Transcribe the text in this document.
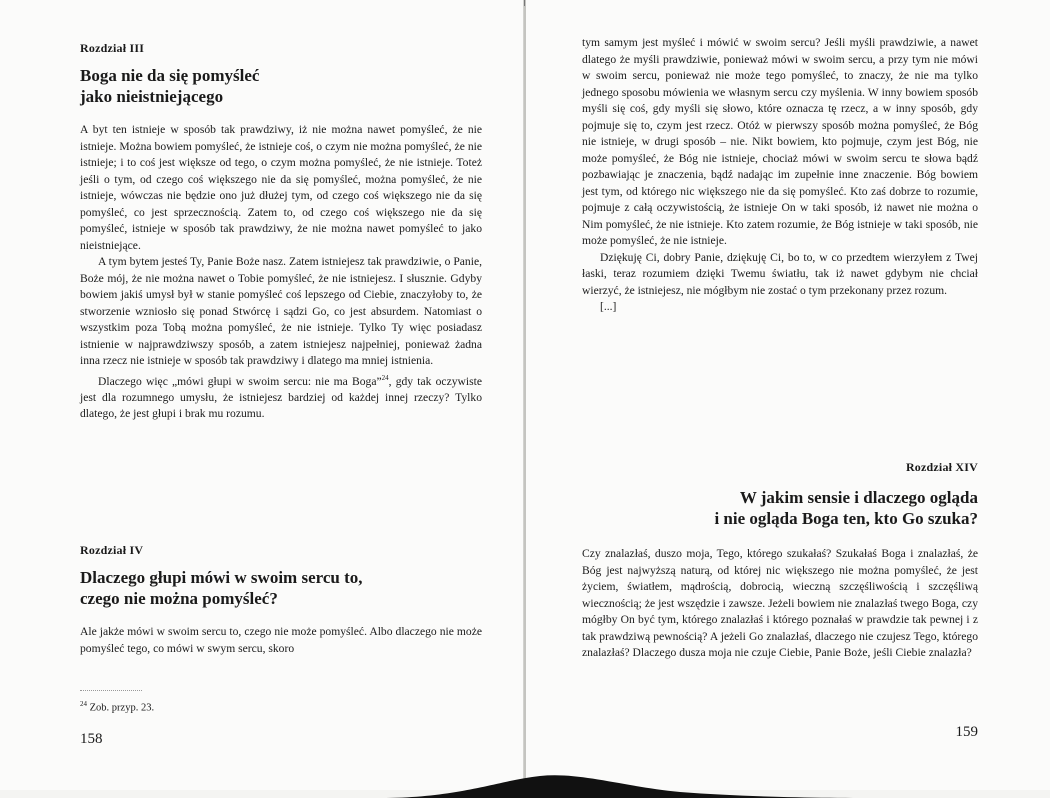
Rozdział III
Boga nie da się pomyśleć
jako nieistniejącego

A byt ten istnieje w sposób tak prawdziwy, iż nie można nawet pomyśleć, że nie istnieje. Można bowiem pomyśleć, że istnieje coś, o czym nie można pomyśleć, że nie istnieje; i to coś jest większe od tego, o czym można pomyśleć, że nie istnieje. Toteż jeśli o tym, od czego coś większego nie da się pomyśleć, można pomyśleć, że nie istnieje, wówczas nie będzie ono już dłużej tym, od czego coś większego nie da się pomyśleć, co jest sprzecznością. Zatem to, od czego coś większego nie da się pomyśleć, istnieje w sposób tak prawdziwy, że nie można nawet pomyśleć to jako nieistniejące.

A tym bytem jesteś Ty, Panie Boże nasz. Zatem istniejesz tak prawdziwie, o Panie, Boże mój, że nie można nawet o Tobie pomyśleć, że nie istniejesz. I słusznie. Gdyby bowiem jakiś umysł był w stanie pomyśleć coś lepszego od Ciebie, znaczyłoby to, że stworzenie wzniosło się ponad Stwórcę i sądzi Go, co jest absurdem. Natomiast o wszystkim poza Tobą można pomyśleć, że nie istnieje. Tylko Ty więc posiadasz istnienie w najprawdziwszy sposób, a zatem istniejesz najpełniej, ponieważ żadna inna rzecz nie istnieje w sposób tak prawdziwy i dlatego ma mniej istnienia.

Dlaczego więc „mówi głupi w swoim sercu: nie ma Boga”$^{24}$, gdy tak oczywiste jest dla rozumnego umysłu, że istniejesz bardziej od każdej innej rzeczy? Tylko dlatego, że jest głupi i brak mu rozumu.

Rozdział IV
Dlaczego głupi mówi w swoim sercu to,
czego nie można pomyśleć?

Ale jakże mówi w swoim sercu to, czego nie może pomyśleć. Albo dlaczego nie może pomyśleć tego, co mówi w swym sercu, skoro

$^{24}$ Zob. przyp. 23.
158

tym samym jest myśleć i mówić w swoim sercu? Jeśli myśli prawdziwie, a nawet dlatego że myśli prawdziwie, ponieważ mówi w swoim sercu, a przy tym nie mówi w swoim sercu, ponieważ nie może tego pomyśleć, to znaczy, że nie ma tylko jednego sposobu mówienia we własnym sercu czy myślenia. W inny bowiem sposób myśli się coś, gdy myśli się słowo, które oznacza tę rzecz, a w inny sposób, gdy pojmuje się to, czym jest rzecz. Otóż w pierwszy sposób można pomyśleć, że Bóg nie istnieje, w drugi sposób – nie. Nikt bowiem, kto pojmuje, czym jest Bóg, nie może pomyśleć, że Bóg nie istnieje, chociaż mówi w swoim sercu te słowa bądź pozbawiając je znaczenia, bądź nadając im zupełnie inne znaczenie. Bóg bowiem jest tym, od którego nic większego nie da się pomyśleć. Kto zaś dobrze to rozumie, pojmuje z całą oczywistością, że istnieje On w taki sposób, iż nawet nie można o Nim pomyśleć, że nie istnieje. Kto zatem rozumie, że Bóg istnieje w taki sposób, nie może pomyśleć, że nie istnieje.

Dziękuję Ci, dobry Panie, dziękuję Ci, bo to, w co przedtem wierzyłem z Twej łaski, teraz rozumiem dzięki Twemu światłu, tak iż nawet gdybym nie chciał wierzyć, że istniejesz, nie mógłbym nie zostać o tym przekonany przez rozum.

[...]

Rozdział XIV
W jakim sensie i dlaczego ogląda
i nie ogląda Boga ten, kto Go szuka?

Czy znalazłaś, duszo moja, Tego, którego szukałaś? Szukałaś Boga i znalazłaś, że Bóg jest najwyższą naturą, od której nic większego nie można pomyśleć, że jest życiem, światłem, mądrością, dobrocią, wieczną szczęśliwością i szczęśliwą wiecznością; że jest wszędzie i zawsze. Jeżeli bowiem nie znalazłaś twego Boga, czy mógłby On być tym, którego znalazłaś i którego poznałaś w prawdzie tak pewnej i z tak prawdziwą pewnością? A jeżeli Go znalazłaś, dlaczego nie czujesz Tego, którego znalazłaś? Dlaczego dusza moja nie czuje Ciebie, Panie Boże, jeśli Ciebie znalazła?

159
